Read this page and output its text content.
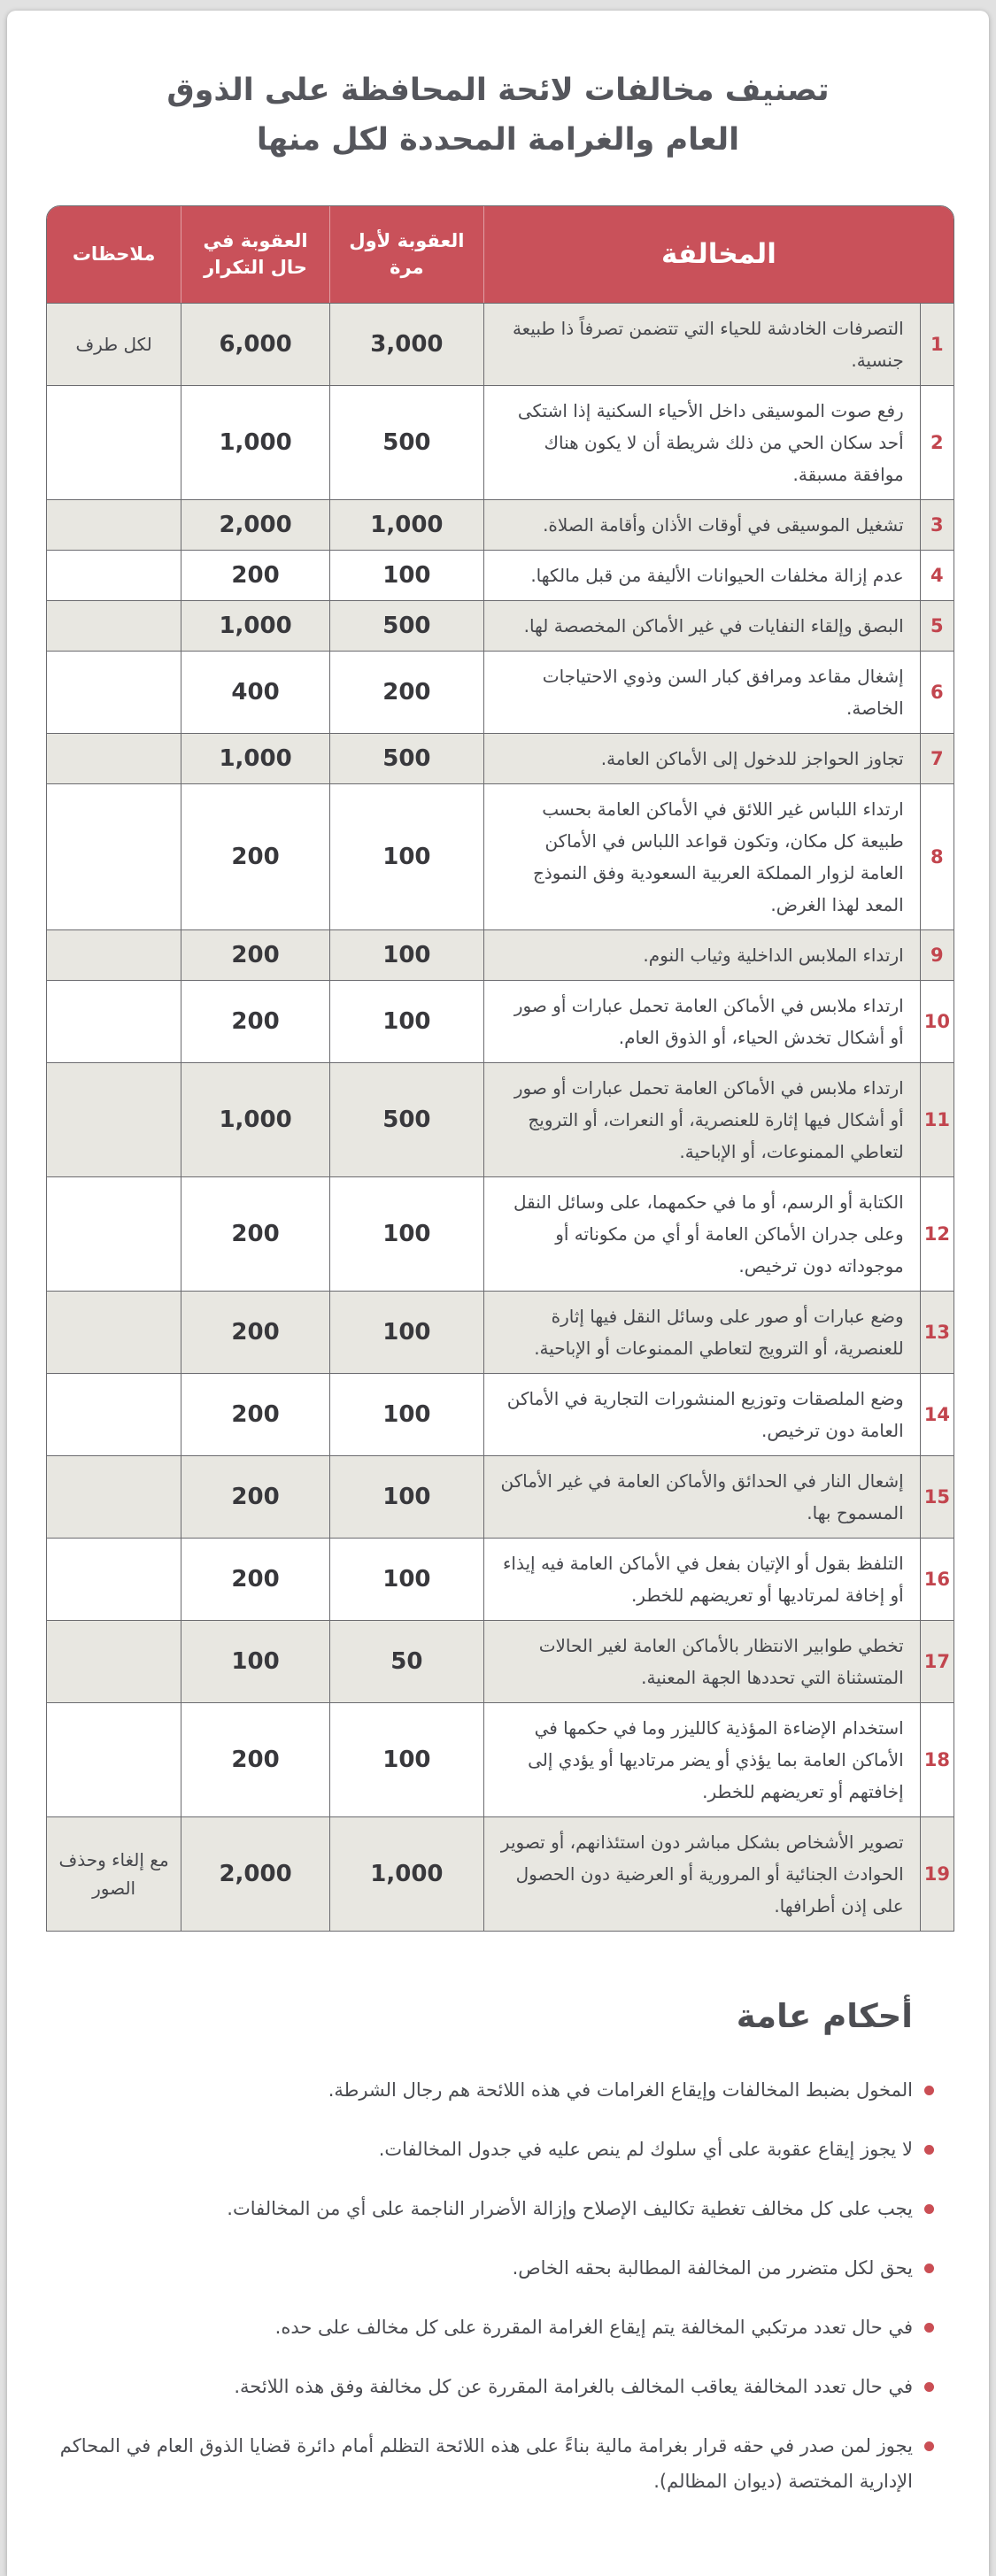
تصنيف مخالفات لائحة المحافظة على الذوق العام والغرامة المحددة لكل منها
المخالفة		العقوبة لأول مرة	العقوبة في حال التكرار	ملاحظات
1	التصرفات الخادشة للحياء التي تتضمن تصرفاً ذا طبيعة جنسية.	3,000	6,000	لكل طرف
2	رفع صوت الموسيقى داخل الأحياء السكنية إذا اشتكى أحد سكان الحي من ذلك شريطة أن لا يكون هناك موافقة مسبقة.	500	1,000	
3	تشغيل الموسيقى في أوقات الأذان وأقامة الصلاة.	1,000	2,000	
4	عدم إزالة مخلفات الحيوانات الأليفة من قبل مالكها.	100	200	
5	البصق وإلقاء النفايات في غير الأماكن المخصصة لها.	500	1,000	
6	إشغال مقاعد ومرافق كبار السن وذوي الاحتياجات الخاصة.	200	400	
7	تجاوز الحواجز للدخول إلى الأماكن العامة.	500	1,000	
8	ارتداء اللباس غير اللائق في الأماكن العامة بحسب طبيعة كل مكان، وتكون قواعد اللباس في الأماكن العامة لزوار المملكة العربية السعودية وفق النموذج المعد لهذا الغرض.	100	200	
9	ارتداء الملابس الداخلية وثياب النوم.	100	200	
10	ارتداء ملابس في الأماكن العامة تحمل عبارات أو صور أو أشكال تخدش الحياء، أو الذوق العام.	100	200	
11	ارتداء ملابس في الأماكن العامة تحمل عبارات أو صور أو أشكال فيها إثارة للعنصرية، أو النعرات، أو الترويج لتعاطي الممنوعات، أو الإباحية.	500	1,000	
12	الكتابة أو الرسم، أو ما في حكمهما، على وسائل النقل وعلى جدران الأماكن العامة أو أي من مكوناته أو موجوداته دون ترخيص.	100	200	
13	وضع عبارات أو صور على وسائل النقل فيها إثارة للعنصرية، أو الترويج لتعاطي الممنوعات أو الإباحية.	100	200	
14	وضع الملصقات وتوزيع المنشورات التجارية في الأماكن العامة دون ترخيص.	100	200	
15	إشعال النار في الحدائق والأماكن العامة في غير الأماكن المسموح بها.	100	200	
16	التلفظ بقول أو الإتيان بفعل في الأماكن العامة فيه إيذاء أو إخافة لمرتاديها أو تعريضهم للخطر.	100	200	
17	تخطي طوابير الانتظار بالأماكن العامة لغير الحالات المتسثناة التي تحددها الجهة المعنية.	50	100	
18	استخدام الإضاءة المؤذية كالليزر وما في حكمها في الأماكن العامة بما يؤذي أو يضر مرتاديها أو يؤدي إلى إخافتهم أو تعريضهم للخطر.	100	200	
19	تصوير الأشخاص بشكل مباشر دون استئذانهم، أو تصوير الحوادث الجنائية أو المرورية أو العرضية دون الحصول على إذن أطرافها.	1,000	2,000	مع إلغاء وحذف الصور
أحكام عامة
المخول بضبط المخالفات وإيقاع الغرامات في هذه اللائحة هم رجال الشرطة.
لا يجوز إيقاع عقوبة على أي سلوك لم ينص عليه في جدول المخالفات.
يجب على كل مخالف تغطية تكاليف الإصلاح وإزالة الأضرار الناجمة على أي من المخالفات.
يحق لكل متضرر من المخالفة المطالبة بحقه الخاص.
في حال تعدد مرتكبي المخالفة يتم إيقاع الغرامة المقررة على كل مخالف على حده.
في حال تعدد المخالفة يعاقب المخالف بالغرامة المقررة عن كل مخالفة وفق هذه اللائحة.
يجوز لمن صدر في حقه قرار بغرامة مالية بناءً على هذه اللائحة التظلم أمام دائرة قضايا الذوق العام في المحاكم الإدارية المختصة (ديوان المظالم).
